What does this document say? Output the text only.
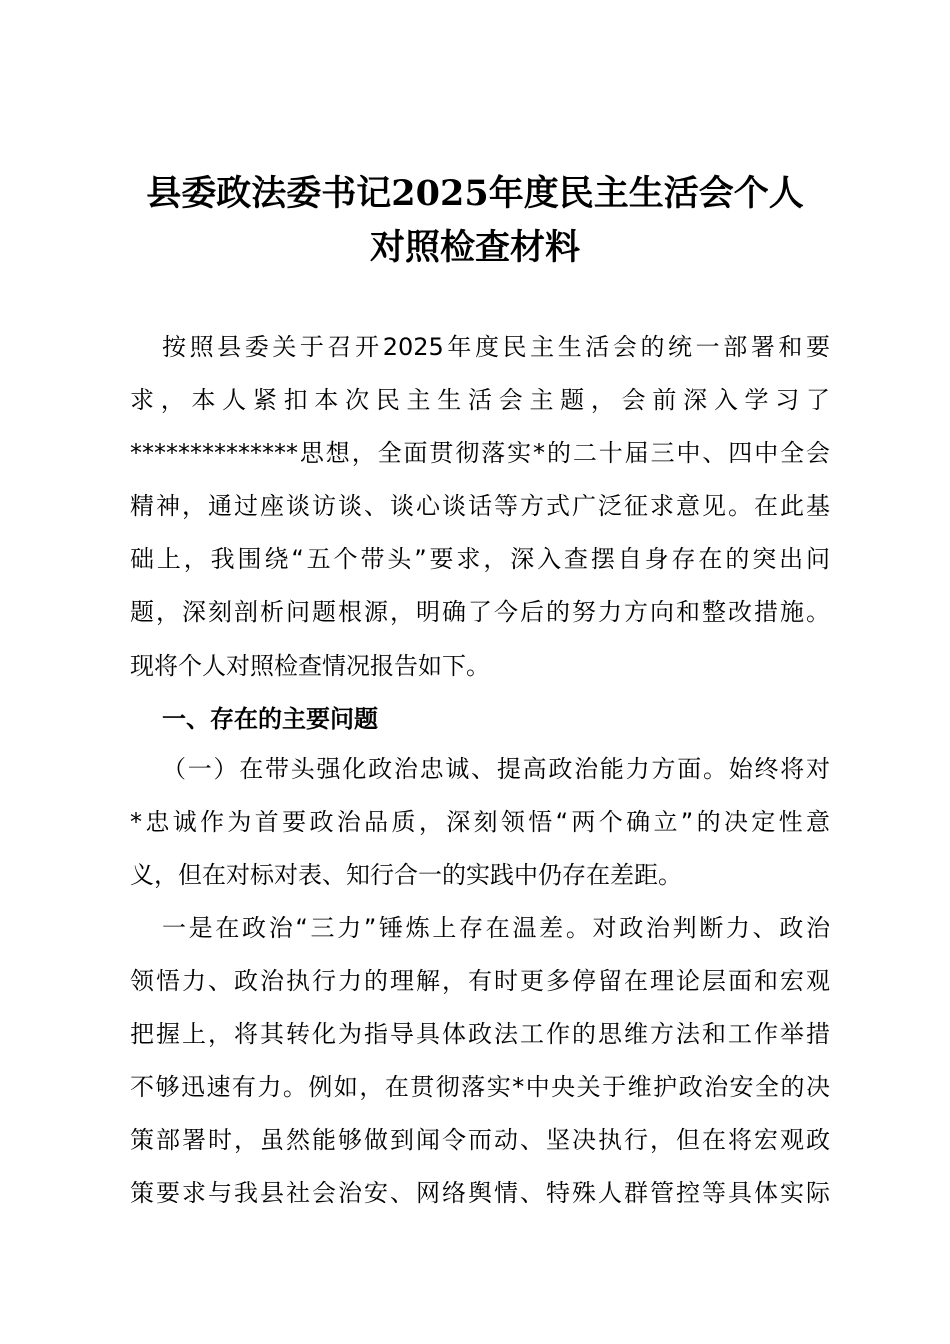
县委政法委书记2025年度民主生活会个人
对照检查材料
按照县委关于召开2025年度民主生活会的统一部署和要
求，本人紧扣本次民主生活会主题，会前深入学习了
**************思想，全面贯彻落实*的二十届三中、四中全会
精神，通过座谈访谈、谈心谈话等方式广泛征求意见。在此基
础上，我围绕“五个带头”要求，深入查摆自身存在的突出问
题，深刻剖析问题根源，明确了今后的努力方向和整改措施。
现将个人对照检查情况报告如下。
一、存在的主要问题
（一）在带头强化政治忠诚、提高政治能力方面。始终将对
*忠诚作为首要政治品质，深刻领悟“两个确立”的决定性意
义，但在对标对表、知行合一的实践中仍存在差距。
一是在政治“三力”锤炼上存在温差。对政治判断力、政治
领悟力、政治执行力的理解，有时更多停留在理论层面和宏观
把握上，将其转化为指导具体政法工作的思维方法和工作举措
不够迅速有力。例如，在贯彻落实*中央关于维护政治安全的决
策部署时，虽然能够做到闻令而动、坚决执行，但在将宏观政
策要求与我县社会治安、网络舆情、特殊人群管控等具体实际
